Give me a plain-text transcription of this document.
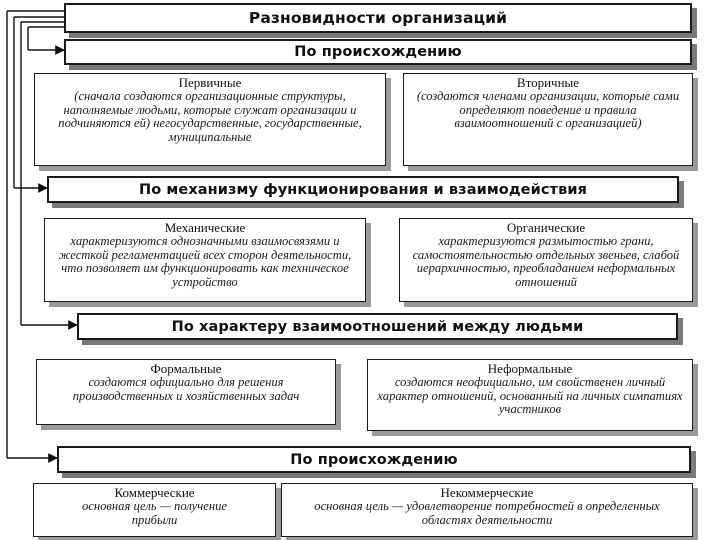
Разновидности организаций
По происхождению
Первичные
(сначала создаются организационные структуры, наполняемые людьми, которые служат организации и подчиняются ей) негосударственные, государственные, муниципальные
Вторичные
(создаются членами организации, которые сами определяют поведение и правила взаимоотношений с организацией)
По механизму функционирования и взаимодействия
Механические
характеризуются однозначными взаимосвязями и жесткой регламентацией всех сторон деятельности, что позволяет им функционировать как техническое устройство
Органические
характеризуются размытостью грани, самостоятельностью отдельных звеньев, слабой иерархичностью, преобладанием неформальных отношений
По характеру взаимоотношений между людьми
Формальные
создаются официально для решения производственных и хозяйственных задач
Неформальные
создаются неофициально, им свойственен личный характер отношений, основанный на личных симпатиях участников
По происхождению
Коммерческие
основная цель — получение прибыли
Некоммерческие
основная цель — удовлетворение потребностей в определенных областях деятельности
